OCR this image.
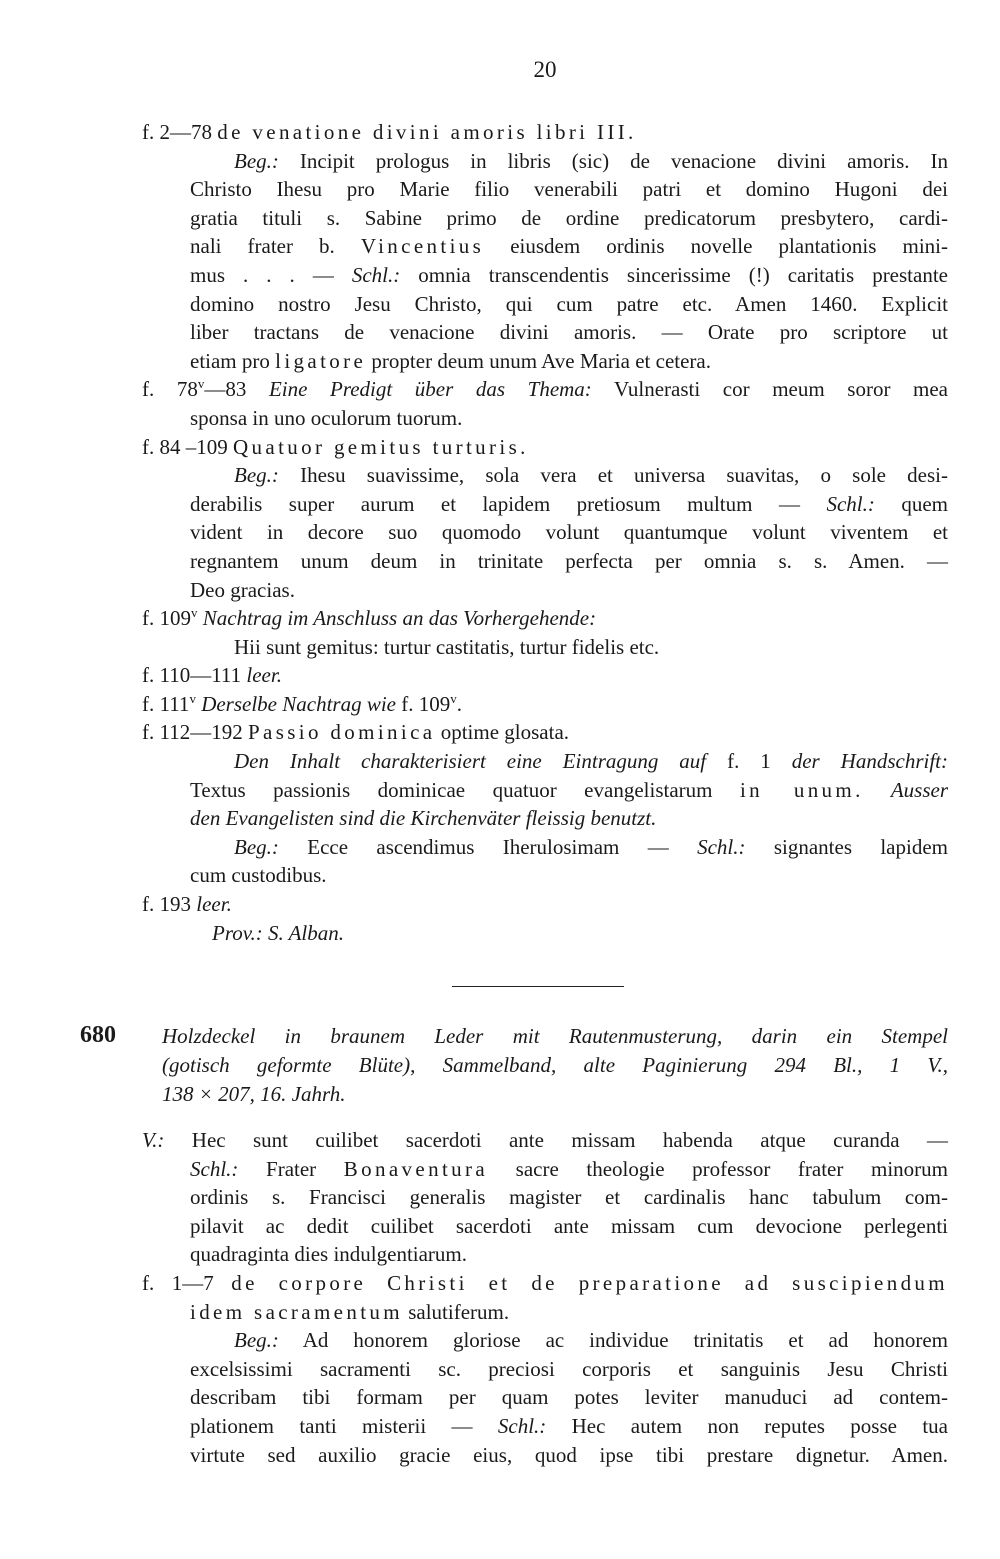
20
f. 2—78 de venatione divini amoris libri III.
Beg.: Incipit prologus in libris (sic) de venacione divini amoris. In
Christo Ihesu pro Marie filio venerabili patri et domino Hugoni dei
gratia tituli s. Sabine primo de ordine predicatorum presbytero, cardi-
nali frater b. Vincentius eiusdem ordinis novelle plantationis mini-
mus . . . — Schl.: omnia transcendentis sincerissime (!) caritatis prestante
domino nostro Jesu Christo, qui cum patre etc. Amen 1460. Explicit
liber tractans de venacione divini amoris. — Orate pro scriptore ut
etiam pro ligatore propter deum unum Ave Maria et cetera.
f. 78$^v$—83 Eine Predigt über das Thema: Vulnerasti cor meum soror mea
sponsa in uno oculorum tuorum.
f. 84 –109 Quatuor gemitus turturis.
Beg.: Ihesu suavissime, sola vera et universa suavitas, o sole desi-
derabilis super aurum et lapidem pretiosum multum — Schl.: quem
vident in decore suo quomodo volunt quantumque volunt viventem et
regnantem unum deum in trinitate perfecta per omnia s. s. Amen. —
Deo gracias.
f. 109$^v$ Nachtrag im Anschluss an das Vorhergehende:
Hii sunt gemitus: turtur castitatis, turtur fidelis etc.
f. 110—111 leer.
f. 111$^v$ Derselbe Nachtrag wie f. 109$^v$.
f. 112—192 Passio dominica optime glosata.
Den Inhalt charakterisiert eine Eintragung auf f. 1 der Handschrift:
Textus passionis dominicae quatuor evangelistarum in unum. Ausser
den Evangelisten sind die Kirchenväter fleissig benutzt.
Beg.: Ecce ascendimus Iherulosimam — Schl.: signantes lapidem
cum custodibus.
f. 193 leer.
Prov.: S. Alban.
680 Holzdeckel in braunem Leder mit Rautenmusterung, darin ein Stempel
(gotisch geformte Blüte), Sammelband, alte Paginierung 294 Bl., 1 V.,
138 × 207, 16. Jahrh.
V.: Hec sunt cuilibet sacerdoti ante missam habenda atque curanda —
Schl.: Frater Bonaventura sacre theologie professor frater minorum
ordinis s. Francisci generalis magister et cardinalis hanc tabulum com-
pilavit ac dedit cuilibet sacerdoti ante missam cum devocione perlegenti
quadraginta dies indulgentiarum.
f. 1—7 de corpore Christi et de preparatione ad suscipiendum
idem sacramentum salutiferum.
Beg.: Ad honorem gloriose ac individue trinitatis et ad honorem
excelsissimi sacramenti sc. preciosi corporis et sanguinis Jesu Christi
describam tibi formam per quam potes leviter manuduci ad contem-
plationem tanti misterii — Schl.: Hec autem non reputes posse tua
virtute sed auxilio gracie eius, quod ipse tibi prestare dignetur. Amen.
